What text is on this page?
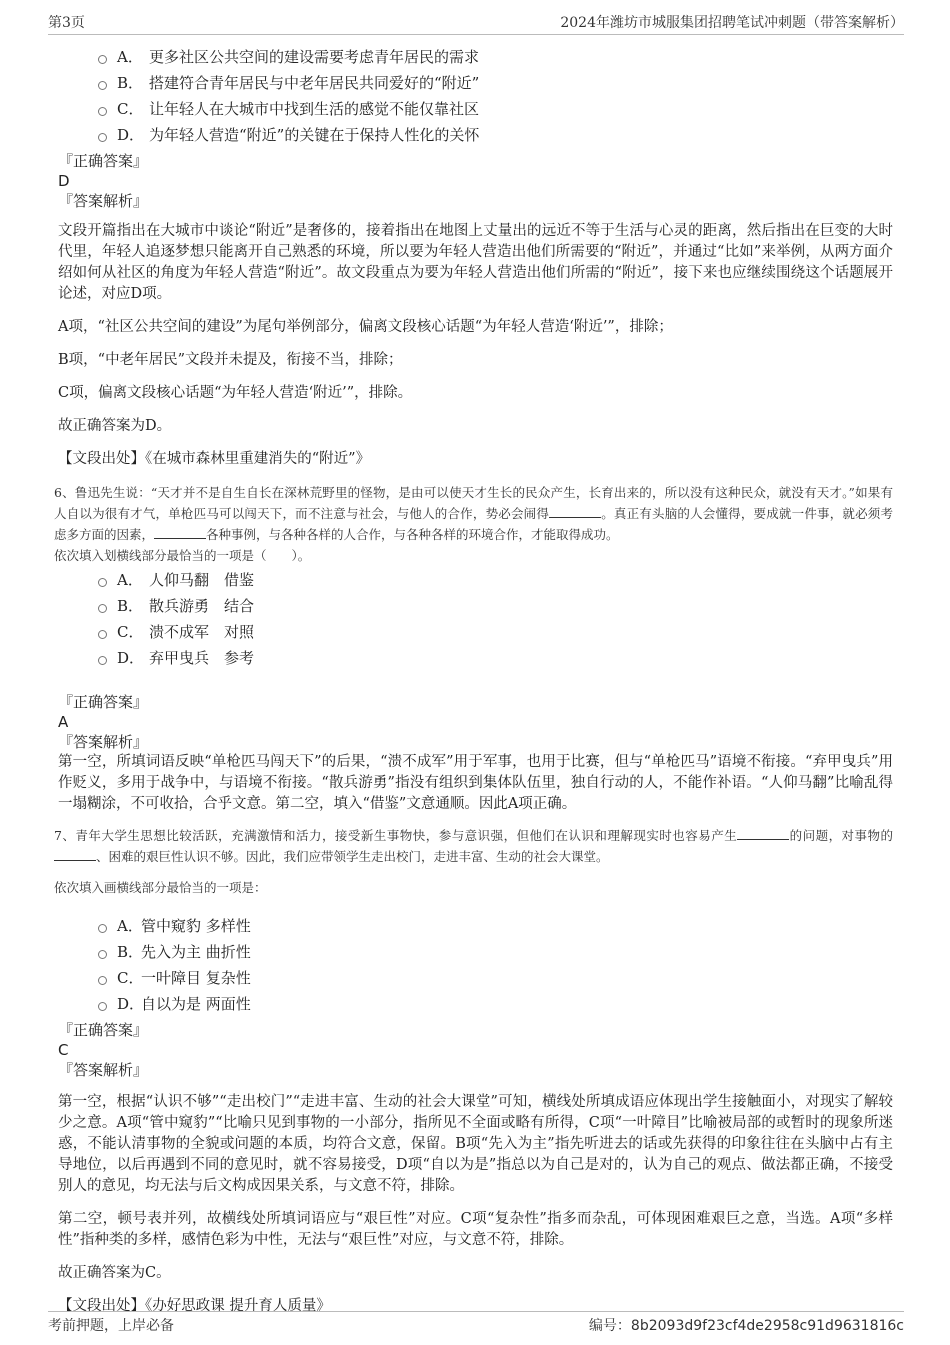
第3页	2024年潍坊市城服集团招聘笔试冲刺题（带答案解析）
A． 更多社区公共空间的建设需要考虑青年居民的需求
B． 搭建符合青年居民与中老年居民共同爱好的“附近”
C． 让年轻人在大城市中找到生活的感觉不能仅靠社区
D． 为年轻人营造“附近”的关键在于保持人性化的关怀
『正确答案』
D
『答案解析』

文段开篇指出在大城市中谈论“附近”是奢侈的，接着指出在地图上丈量出的远近不等于生活与心灵的距离，然后指出在巨变的大时代里，年轻人追逐梦想只能离开自己熟悉的环境，所以要为年轻人营造出他们所需要的“附近”，并通过“比如”来举例，从两方面介绍如何从社区的角度为年轻人营造“附近”。故文段重点为要为年轻人营造出他们所需的“附近”，接下来也应继续围绕这个话题展开论述，对应D项。

A项，“社区公共空间的建设”为尾句举例部分，偏离文段核心话题“为年轻人营造‘附近’”，排除；

B项，“中老年居民”文段并未提及，衔接不当，排除；

C项，偏离文段核心话题“为年轻人营造‘附近’”，排除。

故正确答案为D。

【文段出处】《在城市森林里重建消失的“附近”》

6、鲁迅先生说：“天才并不是自生自长在深林荒野里的怪物，是由可以使天才生长的民众产生，长育出来的，所以没有这种民众，就没有天才。”如果有人自以为很有才气，单枪匹马可以闯天下，而不注意与社会，与他人的合作，势必会闹得	。真正有头脑的人会懂得，要成就一件事，就必须考虑多方面的因素，	各种事例，与各种各样的人合作，与各种各样的环境合作，才能取得成功。

依次填入划横线部分最恰当的一项是（　　）。

A． 人仰马翻　借鉴
B． 散兵游勇　结合
C． 溃不成军　对照
D． 弃甲曳兵　参考
『正确答案』
A
『答案解析』

第一空，所填词语反映“单枪匹马闯天下”的后果，“溃不成军”用于军事，也用于比赛，但与“单枪匹马”语境不衔接。“弃甲曳兵”用作贬义，多用于战争中，与语境不衔接。“散兵游勇”指没有组织到集体队伍里，独自行动的人，不能作补语。“人仰马翻”比喻乱得一塌糊涂，不可收拾，合乎文意。第二空，填入“借鉴”文意通顺。因此A项正确。

7、青年大学生思想比较活跃，充满激情和活力，接受新生事物快，参与意识强，但他们在认识和理解现实时也容易产生	的问题，对事物的、困难的艰巨性认识不够。因此，我们应带领学生走出校门，走进丰富、生动的社会大课堂。

依次填入画横线部分最恰当的一项是：

A．
管中窥豹 多样性
B．
先入为主 曲折性
C．
一叶障目 复杂性
D．
自以为是 两面性
『正确答案』
C
『答案解析』

第一空，根据“认识不够”“走出校门”“走进丰富、生动的社会大课堂”可知，横线处所填成语应体现出学生接触面小，对现实了解较少之意。A项“管中窥豹”“比喻只见到事物的一小部分，指所见不全面或略有所得，C项“一叶障目”比喻被局部的或暂时的现象所迷惑，不能认清事物的全貌或问题的本质，均符合文意，保留。B项“先入为主”指先听进去的话或先获得的印象往往在头脑中占有主导地位，以后再遇到不同的意见时，就不容易接受，D项“自以为是”指总以为自己是对的，认为自己的观点、做法都正确，不接受别人的意见，均无法与后文构成因果关系，与文意不符，排除。

第二空，顿号表并列，故横线处所填词语应与“艰巨性”对应。C项“复杂性”指多而杂乱，可体现困难艰巨之意，当选。A项“多样性”指种类的多样，感情色彩为中性，无法与“艰巨性”对应，与文意不符，排除。

故正确答案为C。

【文段出处】《办好思政课 提升育人质量》
考前押题，上岸必备	编号：8b2093d9f23cf4de2958c91d9631816c
